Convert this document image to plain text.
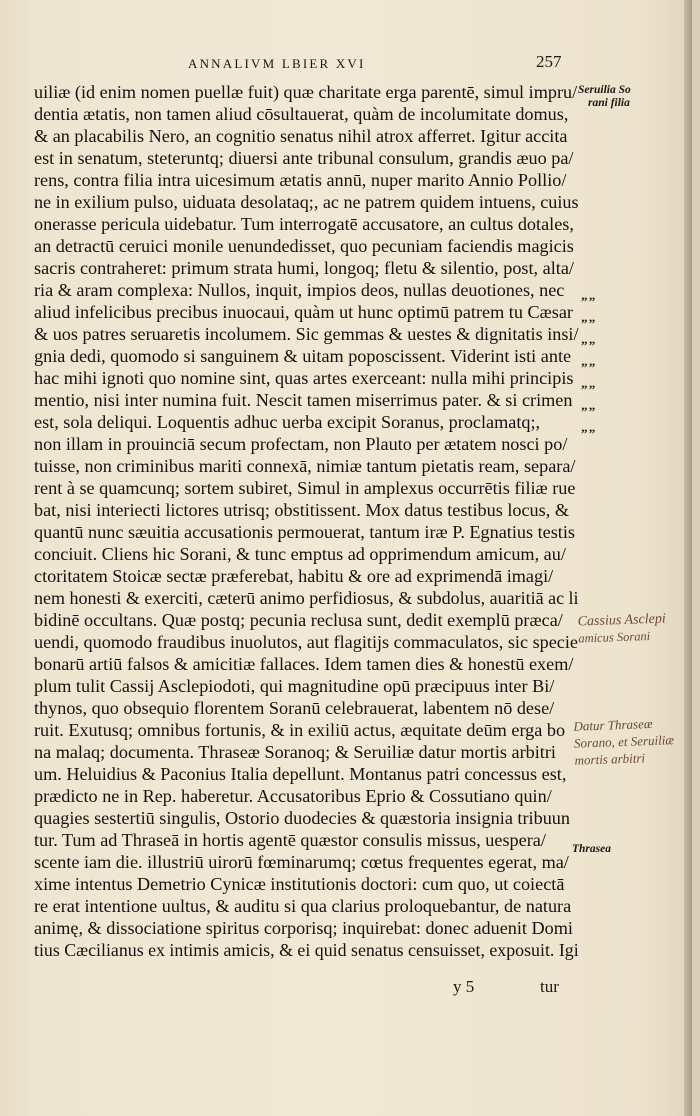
ANNALIVM LBIER XVI	257
uiliæ (id enim nomen puellæ fuit) quæ charitate erga parentē, simul impru/
dentia ætatis, non tamen aliud cōsultauerat, quàm de incolumitate domus,
& an placabilis Nero, an cognitio senatus nihil atrox afferret. Igitur accita
est in senatum, steteruntq; diuersi ante tribunal consulum, grandis æuo pa/
rens, contra filia intra uicesimum ætatis annū, nuper marito Annio Pollio/
ne in exilium pulso, uiduata desolataq;, ac ne patrem quidem intuens, cuius
onerasse pericula uidebatur. Tum interrogatē accusatore, an cultus dotales,
an detractū ceruici monile uenundedisset, quo pecuniam faciendis magicis
sacris contraheret: primum strata humi, longoq; fletu & silentio, post, alta/
ria & aram complexa: Nullos, inquit, impios deos, nullas deuotiones, nec
aliud infelicibus precibus inuocaui, quàm ut hunc optimū patrem tu Cæsar
& uos patres seruaretis incolumem. Sic gemmas & uestes & dignitatis insi/
gnia dedi, quomodo si sanguinem & uitam poposcissent. Viderint isti ante
hac mihi ignoti quo nomine sint, quas artes exerceant: nulla mihi principis
mentio, nisi inter numina fuit. Nescit tamen miserrimus pater. & si crimen
est, sola deliqui. Loquentis adhuc uerba excipit Soranus, proclamatq;,
non illam in prouinciā secum profectam, non Plauto per ætatem nosci po/
tuisse, non criminibus mariti connexā, nimiæ tantum pietatis ream, separa/
rent à se quamcunq; sortem subiret, Simul in amplexus occurrētis filiæ rue
bat, nisi interiecti lictores utrisq; obstitissent. Mox datus testibus locus, &
quantū nunc sæuitia accusationis permouerat, tantum iræ P. Egnatius testis
conciuit. Cliens hic Sorani, & tunc emptus ad opprimendum amicum, au/
ctoritatem Stoicæ sectæ præferebat, habitu & ore ad exprimendā imagi/
nem honesti & exerciti, cæterū animo perfidiosus, & subdolus, auaritiā ac li
bidinē occultans. Quæ postq; pecunia reclusa sunt, dedit exemplū præca/
uendi, quomodo fraudibus inuolutos, aut flagitijs commaculatos, sic specie
bonarū artiū falsos & amicitiæ fallaces. Idem tamen dies & honestū exem/
plum tulit Cassij Asclepiodoti, qui magnitudine opū præcipuus inter Bi/
thynos, quo obsequio florentem Soranū celebrauerat, labentem nō dese/
ruit. Exutusq; omnibus fortunis, & in exiliū actus, æquitate deūm erga bo
na malaq; documenta. Thraseæ Soranoq; & Seruiliæ datur mortis arbitri
um. Heluidius & Paconius Italia depellunt. Montanus patri concessus est,
prædicto ne in Rep. haberetur. Accusatoribus Eprio & Cossutiano quin/
quagies sestertiū singulis, Ostorio duodecies & quæstoria insignia tribuun
tur. Tum ad Thraseā in hortis agentē quæstor consulis missus, uespera/
scente iam die. illustriū uirorū fœminarumq; cœtus frequentes egerat, ma/
xime intentus Demetrio Cynicæ institutionis doctori: cum quo, ut coiectā
re erat intentione uultus, & auditu si qua clarius proloquebantur, de natura
animę, & dissociatione spiritus corporisq; inquirebat: donec aduenit Domi
tius Cæcilianus ex intimis amicis, & ei quid senatus censuisset, exposuit. Igi
” ”
” ”
” ”
” ”
” ”
” ”
” ”
Seruilia So
rani filia
Thrasea
Cassius Asclepi
amicus Sorani
Datur Thraseæ
Sorano, et Seruiliæ
mortis arbitri
y 5	tur
